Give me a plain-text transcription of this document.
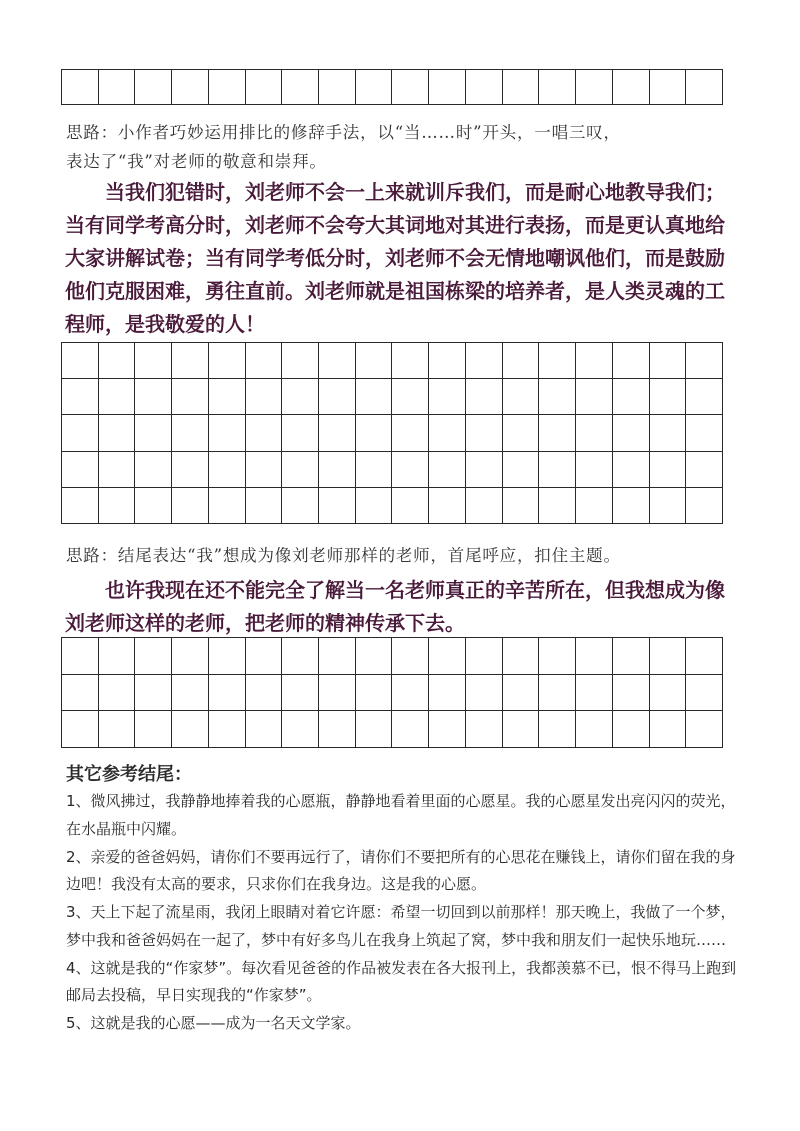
思路：小作者巧妙运用排比的修辞手法，以“当……时”开头，一唱三叹，
表达了“我”对老师的敬意和崇拜。
当我们犯错时，刘老师不会一上来就训斥我们，而是耐心地教导我们；当有同学考高分时，刘老师不会夸大其词地对其进行表扬，而是更认真地给大家讲解试卷；当有同学考低分时，刘老师不会无情地嘲讽他们，而是鼓励他们克服困难，勇往直前。刘老师就是祖国栋梁的培养者，是人类灵魂的工程师，是我敬爱的人！

思路：结尾表达“我”想成为像刘老师那样的老师，首尾呼应，扣住主题。
也许我现在还不能完全了解当一名老师真正的辛苦所在，但我想成为像刘老师这样的老师，把老师的精神传承下去。

其它参考结尾：
1、微风拂过，我静静地捧着我的心愿瓶，静静地看着里面的心愿星。我的心愿星发出亮闪闪的荧光，在水晶瓶中闪耀。
2、亲爱的爸爸妈妈，请你们不要再远行了，请你们不要把所有的心思花在赚钱上，请你们留在我的身边吧！我没有太高的要求，只求你们在我身边。这是我的心愿。
3、天上下起了流星雨，我闭上眼睛对着它许愿：希望一切回到以前那样！那天晚上，我做了一个梦，梦中我和爸爸妈妈在一起了，梦中有好多鸟儿在我身上筑起了窝，梦中我和朋友们一起快乐地玩……
4、这就是我的“作家梦”。每次看见爸爸的作品被发表在各大报刊上，我都羡慕不已，恨不得马上跑到邮局去投稿，早日实现我的“作家梦”。
5、这就是我的心愿——成为一名天文学家。
